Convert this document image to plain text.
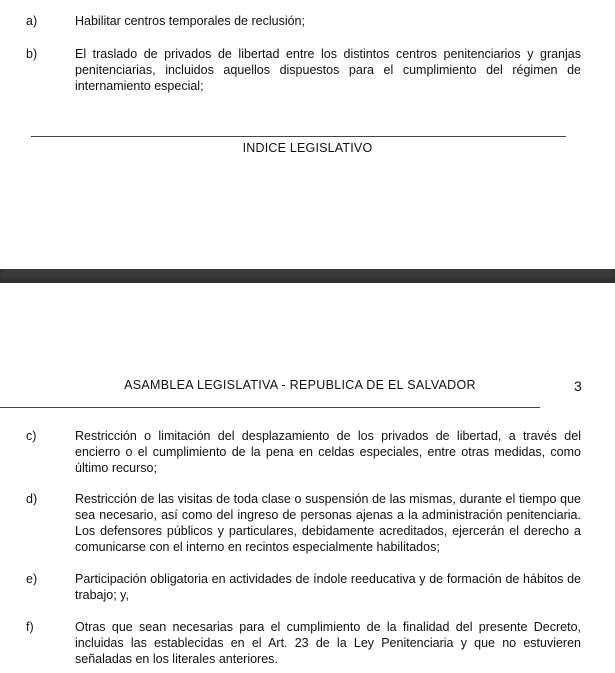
a)	Habilitar centros temporales de reclusión;
b)	El traslado de privados de libertad entre los distintos centros penitenciarios y granjas penitenciarias, incluidos aquellos dispuestos para el cumplimiento del régimen de internamiento especial;
INDICE LEGISLATIVO
ASAMBLEA LEGISLATIVA - REPUBLICA DE EL SALVADOR	3
c)	Restricción o limitación del desplazamiento de los privados de libertad, a través del encierro o el cumplimiento de la pena en celdas especiales, entre otras medidas, como último recurso;
d)	Restricción de las visitas de toda clase o suspensión de las mismas, durante el tiempo que sea necesario, así como del ingreso de personas ajenas a la administración penitenciaria. Los defensores públicos y particulares, debidamente acreditados, ejercerán el derecho a comunicarse con el interno en recintos especialmente habilitados;
e)	Participación obligatoria en actividades de índole reeducativa y de formación de hábitos de trabajo; y,
f)	Otras que sean necesarias para el cumplimiento de la finalidad del presente Decreto, incluidas las establecidas en el Art. 23 de la Ley Penitenciaria y que no estuvieren señaladas en los literales anteriores.
